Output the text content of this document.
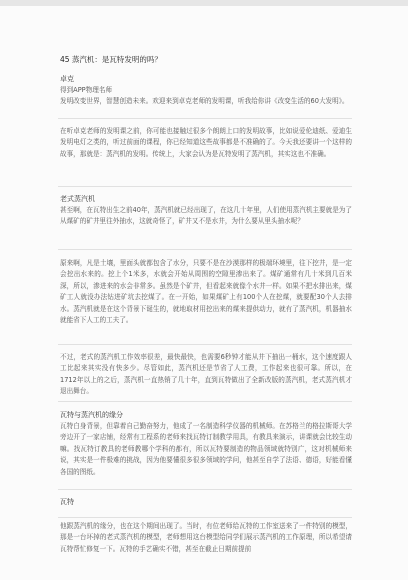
45 蒸汽机：是瓦特发明的吗？

卓克

得到APP物理名师

发明改变世界，智慧创造未来。欢迎来到卓克老师的发明课，听我给你讲《改变生活的60大发明》。

在听卓克老师的发明课之前，你可能也接触过很多个朗朗上口的发明故事，比如说爱伦迪纸、爱迪生发明电灯之类的，听过前面的课程，你已经知道这些故事都是不准确的了。今天我还要讲一个这样的故事，那就是：蒸汽机的发明。传统上，大家会认为是瓦特发明了蒸汽机，其实这也不准确。

老式蒸汽机

甚至啊，在瓦特出生之前40年，蒸汽机就已经出现了，在这几十年里，人们使用蒸汽机主要就是为了从煤矿的矿井里往外抽水，这就奇怪了，矿井又不是水井，为什么要从里头抽水呢？

原来啊，凡是土壤，里面头就都包含了水分，只要不是在沙漠那样的极端环境里，往下挖井，是一定会挖出水来的。挖上个1米多，水就会开始从周围的空隙里渗出来了。煤矿通常有几十米到几百米深，所以，渗进来的水会非常多。虽然是个矿井，但看起来就像个水井一样。如果不把水排出来，煤矿工人就没办法钻进矿坑去挖煤了。在一开始，如果煤矿上有100个人在挖煤，就要配30个人去排水。蒸汽机就是在这个背景下诞生的，就地取材用挖出来的煤来提供动力，就有了蒸汽机，机器抽水就能省下人工的工夫了。

不过，老式的蒸汽机工作效率很差，最快最快，也需要6秒钟才能从井下抽出一桶水，这个速度跟人工比起来其实没有快多少。尽管如此，蒸汽机还是节省了人工费，工作起来也很可靠。所以，在1712年以上的之后，蒸汽机一直热销了几十年，直到瓦特做出了全新改版的蒸汽机，老式蒸汽机才退出舞台。

瓦特与蒸汽机的缘分

瓦特白身背景，但靠着自己勤奋努力，他成了一名制造科学仪器的机械师。在苏格兰的格拉斯哥大学旁边开了一家店铺，经常有工程系的老师来找瓦特订制教学用具，有教具来演示，讲课就会比较生动嘛。找瓦特订教具的老师教哪个学科的都有，所以瓦特要制造的物品领域就特别广，这对机械师来说，其实是一件极难的挑战，因为他要懂很多很多领域的学问，他甚至自学了法语、德语，好能看懂各国的图纸。

瓦特

他跟蒸汽机的缘分，也在这个期间出现了。当时，有位老师给瓦特的工作室送来了一件特别的模型，那是一台坏掉的老式蒸汽机的模型，老师想用这台模型给同学们展示蒸汽机的工作原理，所以希望请瓦特帮忙修复一下。瓦特的手艺确实不错，甚至在截止日期前提前
